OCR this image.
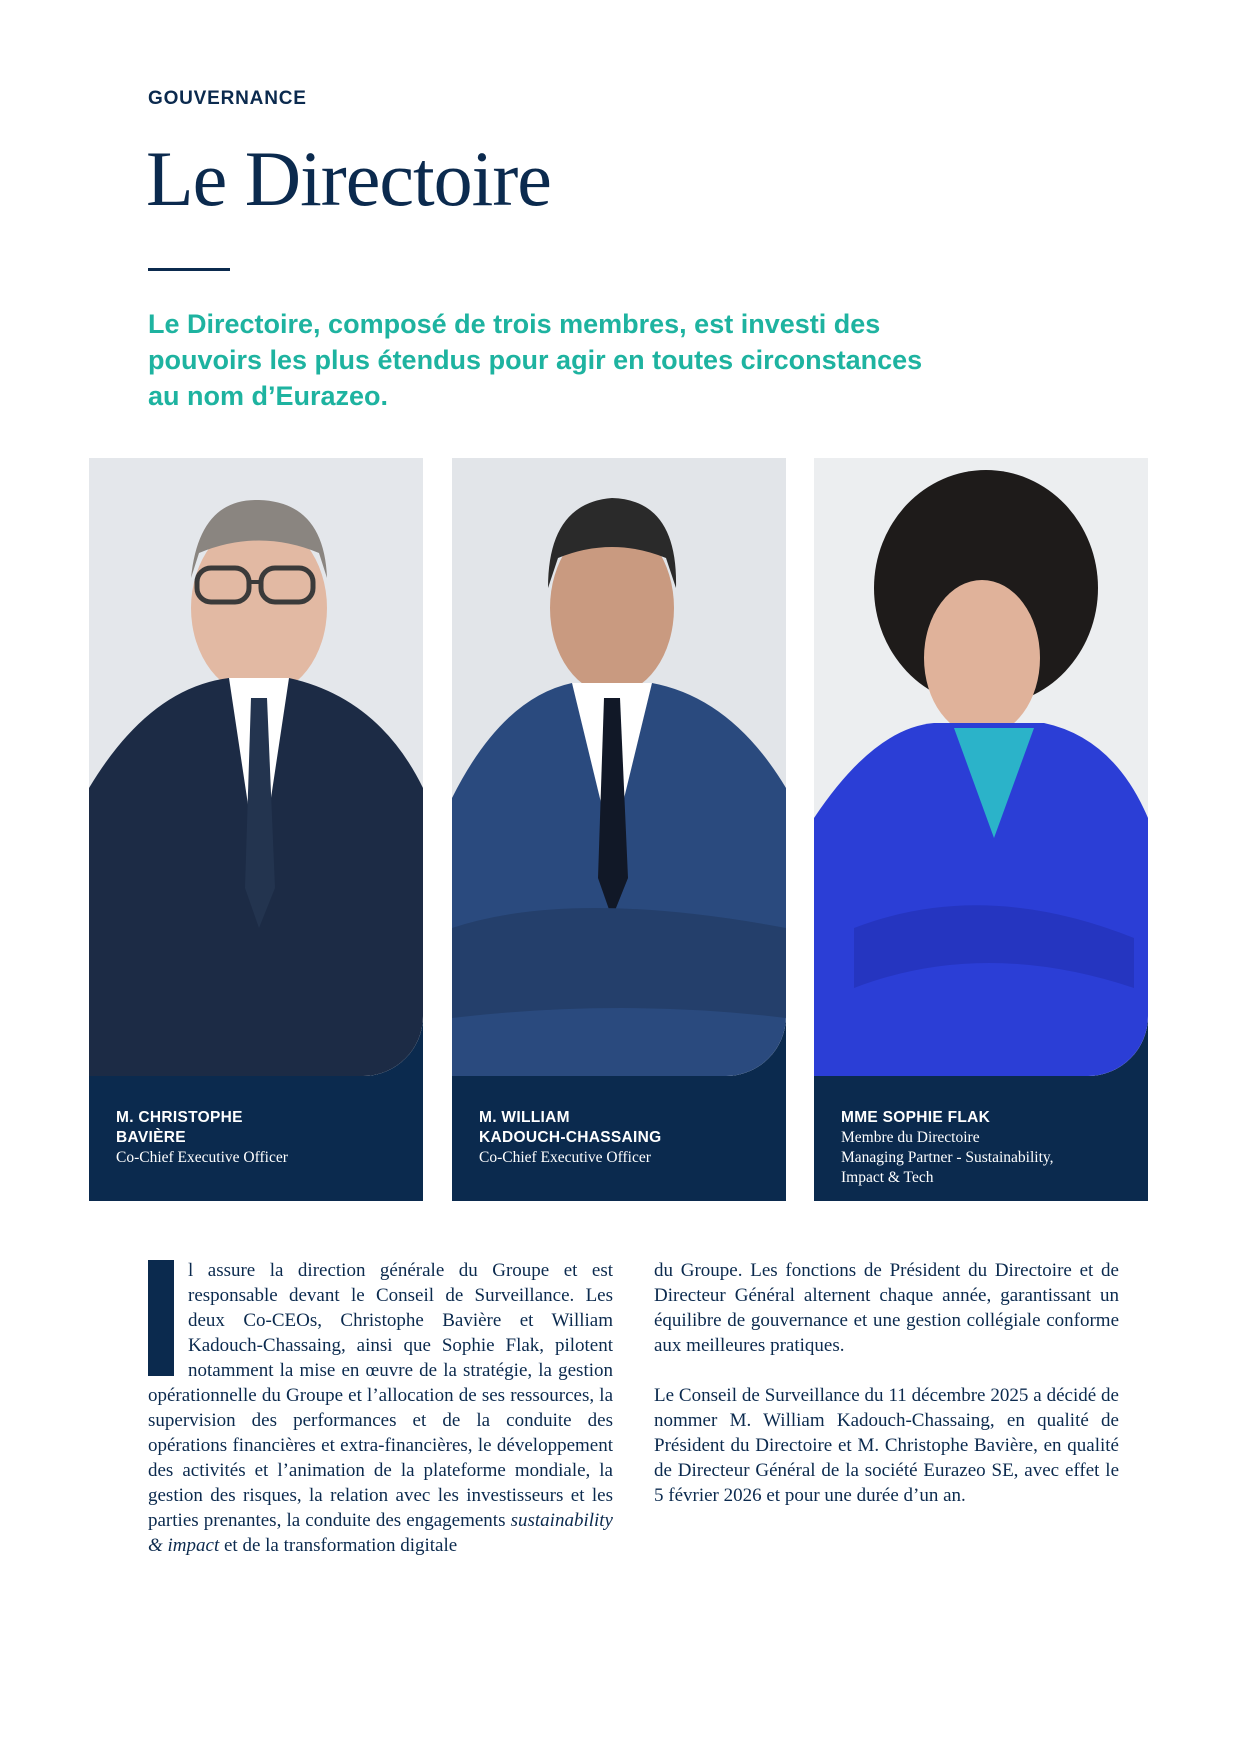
GOUVERNANCE
Le Directoire

Le Directoire, composé de trois membres, est investi des pouvoirs les plus étendus pour agir en toutes circonstances au nom d’Eurazeo.

M. CHRISTOPHE
BAVIÈRE
Co-Chief Executive Officer
M. WILLIAM
KADOUCH-CHASSAING
Co-Chief Executive Officer
MME SOPHIE FLAK
Membre du Directoire
Managing Partner - Sustainability,
Impact & Tech

l assure la direction générale du Groupe et est responsable devant le Conseil de Surveillance. Les deux Co-CEOs, Christophe Bavière et William Kadouch-Chassaing, ainsi que Sophie Flak, pilotent notamment la mise en œuvre de la stratégie, la gestion opérationnelle du Groupe et l’allocation de ses ressources, la supervision des performances et de la conduite des opérations financières et extra-financières, le développement des activités et l’animation de la plateforme mondiale, la gestion des risques, la relation avec les investisseurs et les parties prenantes, la conduite des engagements sustainability & impact et de la transformation digitale

du Groupe. Les fonctions de Président du Directoire et de Directeur Général alternent chaque année, garantissant un équilibre de gouvernance et une gestion collégiale conforme aux meilleures pratiques.

Le Conseil de Surveillance du 11 décembre 2025 a décidé de nommer M. William Kadouch-Chassaing, en qualité de Président du Directoire et M. Christophe Bavière, en qualité de Directeur Général de la société Eurazeo SE, avec effet le 5 février 2026 et pour une durée d’un an.
